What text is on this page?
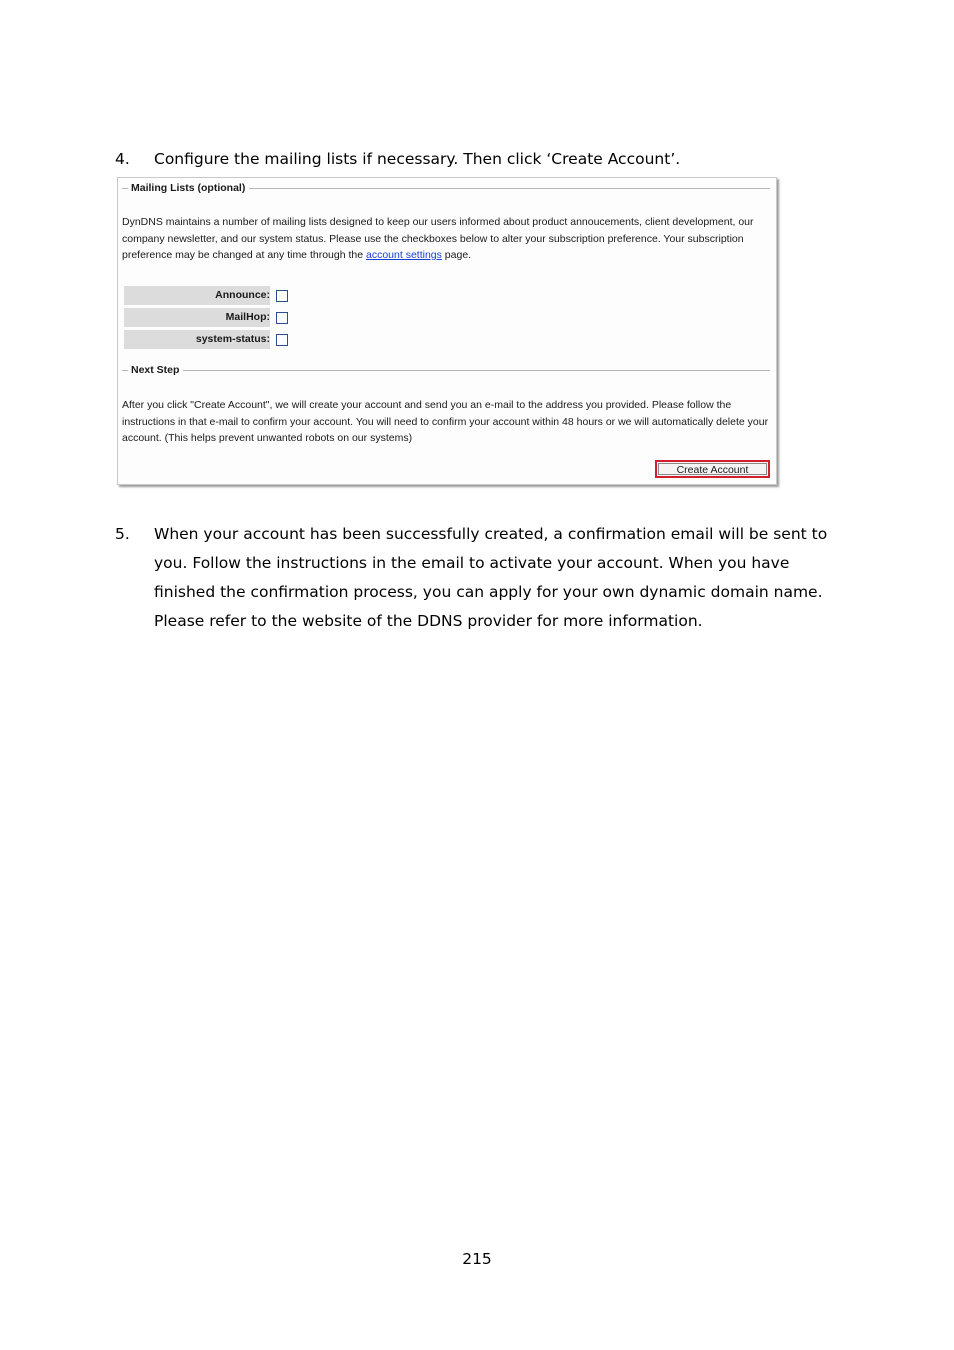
4. Configure the mailing lists if necessary. Then click ‘Create Account’.
Mailing Lists (optional)
DynDNS maintains a number of mailing lists designed to keep our users informed about product annoucements, client development, our company newsletter, and our system status. Please use the checkboxes below to alter your subscription preference. Your subscription preference may be changed at any time through the account settings page.
Announce:
MailHop:
system-status:
Next Step
After you click "Create Account", we will create your account and send you an e-mail to the address you provided. Please follow the instructions in that e-mail to confirm your account. You will need to confirm your account within 48 hours or we will automatically delete your account. (This helps prevent unwanted robots on our systems)
Create Account
5. When your account has been successfully created, a confirmation email will be sent to you. Follow the instructions in the email to activate your account. When you have finished the confirmation process, you can apply for your own dynamic domain name. Please refer to the website of the DDNS provider for more information.
215
